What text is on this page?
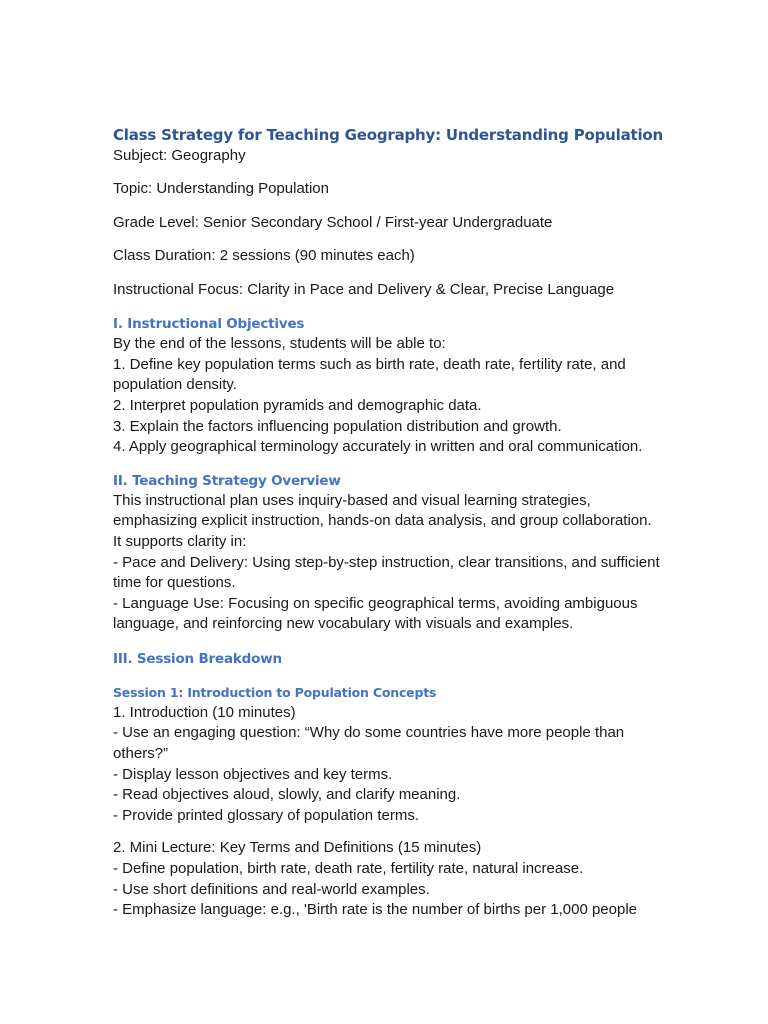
Class Strategy for Teaching Geography: Understanding Population

Subject: Geography

Topic: Understanding Population

Grade Level: Senior Secondary School / First-year Undergraduate

Class Duration: 2 sessions (90 minutes each)

Instructional Focus: Clarity in Pace and Delivery & Clear, Precise Language

I. Instructional Objectives

By the end of the lessons, students will be able to:

1. Define key population terms such as birth rate, death rate, fertility rate, and population density.

2. Interpret population pyramids and demographic data.

3. Explain the factors influencing population distribution and growth.

4. Apply geographical terminology accurately in written and oral communication.

II. Teaching Strategy Overview

This instructional plan uses inquiry-based and visual learning strategies, emphasizing explicit instruction, hands-on data analysis, and group collaboration.

It supports clarity in:

- Pace and Delivery: Using step-by-step instruction, clear transitions, and sufficient time for questions.

- Language Use: Focusing on specific geographical terms, avoiding ambiguous language, and reinforcing new vocabulary with visuals and examples.

III. Session Breakdown

Session 1: Introduction to Population Concepts

1. Introduction (10 minutes)

- Use an engaging question: “Why do some countries have more people than others?”

- Display lesson objectives and key terms.

- Read objectives aloud, slowly, and clarify meaning.

- Provide printed glossary of population terms.

2. Mini Lecture: Key Terms and Definitions (15 minutes)

- Define population, birth rate, death rate, fertility rate, natural increase.

- Use short definitions and real-world examples.

- Emphasize language: e.g., 'Birth rate is the number of births per 1,000 people
